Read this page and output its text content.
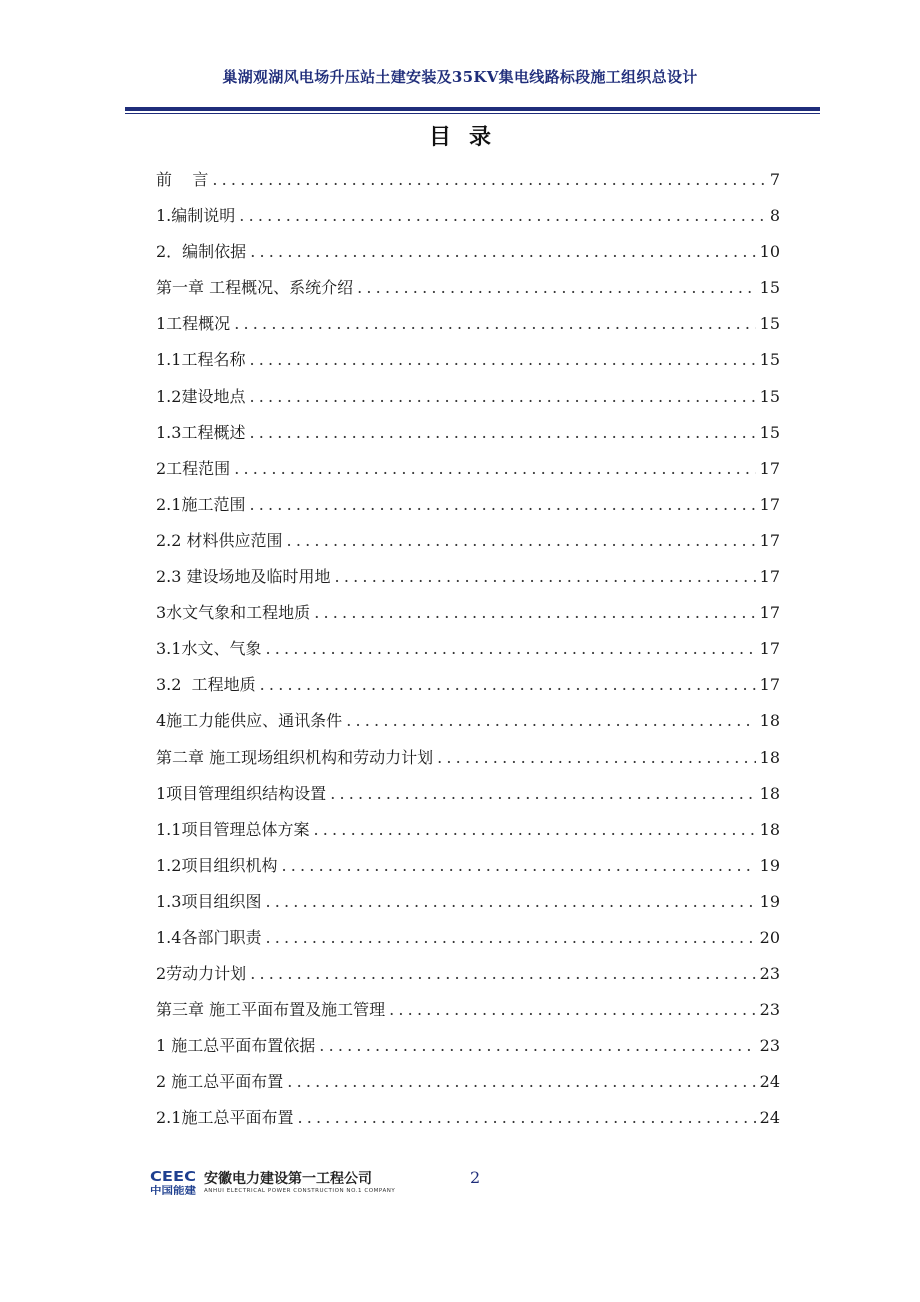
巢湖观湖风电场升压站土建安装及35KV集电线路标段施工组织总设计
目录
前    言 .....	7
1.编制说明 .....	8
2．编制依据 .....	10
第一章 工程概况、系统介绍 .....	15
1工程概况 .....	15
1.1工程名称 .....	15
1.2建设地点 .....	15
1.3工程概述 .....	15
2工程范围 .....	17
2.1施工范围 .....	17
2.2 材料供应范围 .....	17
2.3 建设场地及临时用地 .....	17
3水文气象和工程地质 .....	17
3.1水文、气象 .....	17
3.2  工程地质 .....	17
4施工力能供应、通讯条件 .....	18
第二章 施工现场组织机构和劳动力计划 .....	18
1项目管理组织结构设置 .....	18
1.1项目管理总体方案 .....	18
1.2项目组织机构 .....	19
1.3项目组织图 .....	19
1.4各部门职责 .....	20
2劳动力计划 .....	23
第三章 施工平面布置及施工管理 .....	23
1 施工总平面布置依据 .....	23
2 施工总平面布置 .....	24
2.1施工总平面布置 .....	24
CEEC
中国能建
安徽电力建设第一工程公司
ANHUI ELECTRICAL POWER CONSTRUCTION NO.1 COMPANY
2
